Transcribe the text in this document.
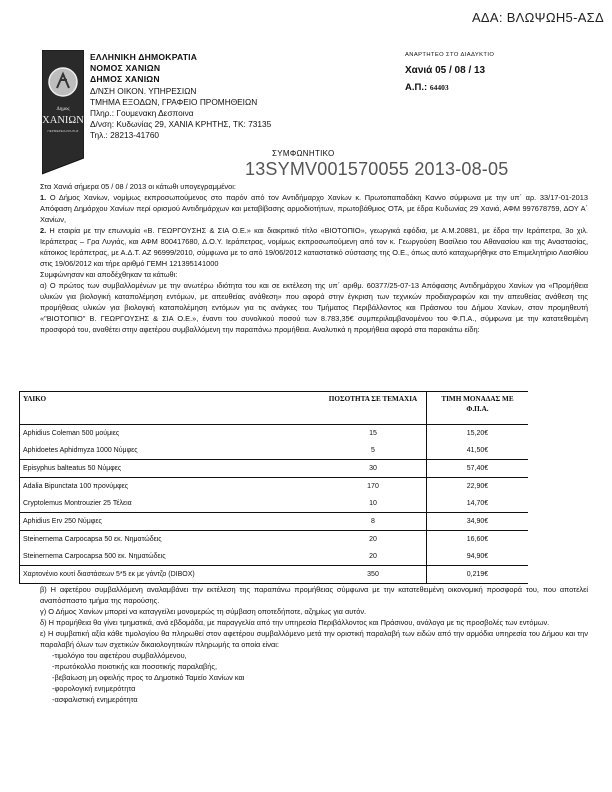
ΑΔΑ: ΒΛΩΨΩΗ5-ΑΣΔ
Δημος
ΧΑΝΙΩΝ
ΠΕΡΙΦΕΡΕΙΑ ΚΡΗΤΗΣ
ΕΛΛΗΝΙΚΗ ΔΗΜΟΚΡΑΤΙΑ
ΝΟΜΟΣ ΧΑΝΙΩΝ
ΔΗΜΟΣ ΧΑΝΙΩΝ
Δ/ΝΣΗ ΟΙΚΟΝ. ΥΠΗΡΕΣΙΩΝ
ΤΜΗΜΑ ΕΞΟΔΩΝ, ΓΡΑΦΕΙΟ ΠΡΟΜΗΘΕΙΩΝ
Πληρ.: Γουμενακη Δεσποινα
Δ/νση: Κυδωνίας 29, ΧΑΝΙΑ ΚΡΗΤΗΣ, ΤΚ: 73135
Τηλ.: 28213-41760
ΑΝΑΡΤΗΤΕΟ ΣΤΟ ΔΙΑΔΥΚΤΙΟ
Χανιά 05 / 08 / 13
Α.Π.: 64403
ΣΥΜΦΩΝΗΤΙΚΟ
13SYMV001570055 2013-08-05

Στα Χανιά σήμερα 05 / 08 / 2013 οι κάτωθι υπογεγραμμένοι:

1. Ο Δήμος Χανίων, νομίμως εκπροσωπούμενος στο παρόν από τον Αντιδήμαρχο Χανίων κ. Πρωτοπαπαδάκη Καννο σύμφωνα με την υπ΄ αρ. 33/17-01-2013 Απόφαση Δημάρχου Χανίων περί ορισμού Αντιδημάρχων και μεταβίβασης αρμοδιοτήτων, πρωτοβάθμιος ΟΤΑ, με έδρα Κυδωνίας 29 Χανιά, ΑΦΜ 997678759, ΔΟΥ Α΄ Χανίων,

2. Η εταιρία με την επωνυμία «Β. ΓΕΩΡΓΟΥΣΗΣ & ΣΙΑ Ο.Ε.» και διακριτικό τίτλο «ΒΙΟΤΟΠΙΟ», γεωργικά εφόδια, με Α.Μ.20881, με έδρα την Ιεράπετρα, 3ο χιλ. Ιεράπετρας – Γρα Λυγιάς, και ΑΦΜ 800417680, Δ.Ο.Υ. Ιεράπετρας, νομίμως εκπροσωπούμενη από τον κ. Γεωργούση Βασίλειο του Αθανασίου και της Αναστασίας, κάτοικος Ιεράπετρας, με Α.Δ.Τ. ΑΖ 96999/2010, σύμφωνα με το από 19/06/2012 καταστατικό σύστασης της Ο.Ε., όπως αυτό καταχωρήθηκε στο Επιμελητήριο Λασιθίου στις 19/06/2012 και τήρε αριθμό ΓΕΜΗ 121395141000

Συμφώνησαν και αποδέχθηκαν τα κάτωθι:

α) Ο πρώτος των συμβαλλομένων με την ανωτέρω ιδιότητα του και σε εκτέλεση της υπ΄ αριθμ. 60377/25-07-13 Απόφασης Αντιδημάρχου Χανίων για «Προμήθεια υλικών για βιολογική καταπολέμηση εντόμων, με απευθείας ανάθεση» που αφορά στην έγκριση των τεχνικών προδιαγραφών και την απευθείας ανάθεση της προμήθειας υλικών για βιολογική καταπολέμηση εντόμων για τις ανάγκες του Τμήματος Περιβάλλοντος και Πράσινου του Δήμου Χανίων, στον προμηθευτή «"ΒΙΟΤΟΠΙΟ" Β. ΓΕΩΡΓΟΥΣΗΣ & ΣΙΑ Ο.Ε.», έναντι του συνολικού ποσού των 8.783,35€ συμπεριλαμβανομένου του Φ.Π.Α., σύμφωνα με την κατατεθειμένη προσφορά του, αναθέτει στην αφετέρου συμβαλλόμενη την παραπάνω προμήθεια. Αναλυτικά η προμήθεια αφορά στα παρακάτω είδη:

ΥΛΙΚΟ	ΠΟΣΟΤΗΤΑ ΣΕ ΤΕΜΑΧΙΑ	ΤΙΜΗ ΜΟΝΑΔΑΣ ΜΕ Φ.Π.Α.
Aphidius Coleman 500 μούμιες	15	15,20€
Aphidoetes Aphidmyza 1000 Νύμφες	5	41,50€
Episyphus balteatus 50 Νύμφες	30	57,40€
Adalia Bipunctata 100 προνύμφες	170	22,90€
Cryptolemus Montrouzier 25 Τέλεια	10	14,70€
Aphidius Erv 250 Νύμφες	8	34,90€
Steinernema Carpocapsa 50 εκ. Νηματώδεις	20	16,60€
Steinernema Carpocapsa 500 εκ. Νηματώδεις	20	94,90€
Χαρτονένιο κουτί διαστάσεων 5*5 εκ με γάντζο (DIBOX)	350	0,219€

β) Η αφετέρου συμβαλλόμενη αναλαμβάνει την εκτέλεση της παραπάνω προμήθειας σύμφωνα με την κατατεθειμένη οικονομική προσφορά του, που αποτελεί αναπόσπαστο τμήμα της παρούσης.

γ) Ο Δήμος Χανίων μπορεί να καταγγείλει μονομερώς τη σύμβαση οποτεδήποτε, αζημίως για αυτόν.

δ) Η προμήθεια θα γίνει τμηματικά, ανά εβδομάδα, με παραγγελία από την υπηρεσία Περιβάλλοντος και Πράσινου, ανάλογα με τις προσβολές των εντόμων.

ε) Η συμβατική αξία κάθε τιμολογίου θα πληρωθεί στον αφετέρου συμβαλλόμενο μετά την οριστική παραλαβή των ειδών από την αρμόδια υπηρεσία του Δήμου και την παραλαβή όλων των σχετικών δικαιολογητικών πληρωμής τα οποία είναι:

-τιμολόγιο του αφετέρου συμβαλλόμενου,

-πρωτόκολλο ποιοτικής και ποσοτικής παραλαβής,

-βεβαίωση μη οφειλής προς το Δημοτικό Ταμείο Χανίων και

-φορολογική ενημερότητα

-ασφαλιστική ενημερότητα
